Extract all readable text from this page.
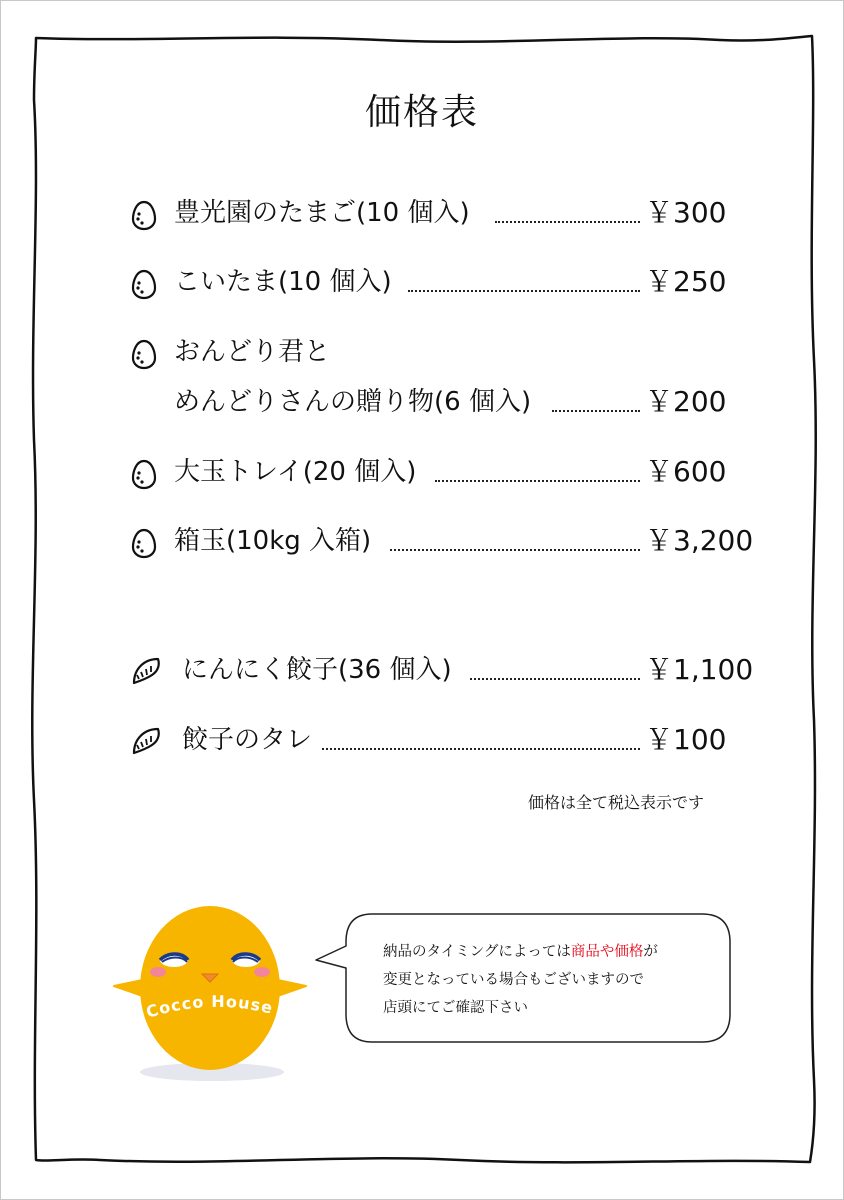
価格表
豊光園のたまご(10 個入)	￥300
こいたま(10 個入)	￥250
おんどり君と
めんどりさんの贈り物(6 個入)	￥200
大玉トレイ(20 個入)	￥600
箱玉(10kg 入箱)	￥3,200
にんにく餃子(36 個入)	￥1,100
餃子のタレ	￥100
価格は全て税込表示です
Cocco House
納品のタイミングによっては商品や価格が
変更となっている場合もございますので
店頭にてご確認下さい
